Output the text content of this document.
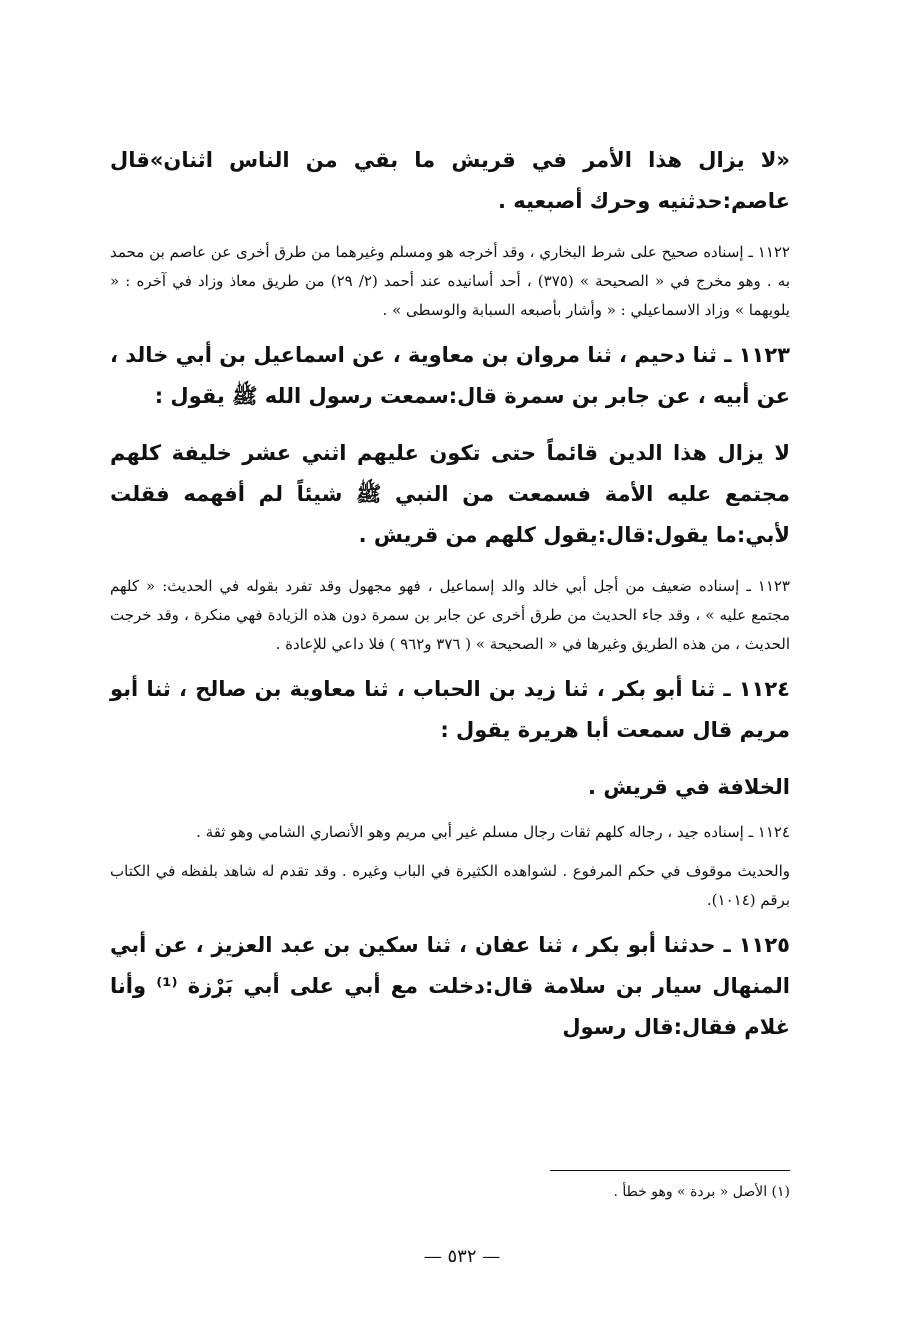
«لا يزال هذا الأمر في قريش ما بقي من الناس اثنان»قال عاصم:حدثنيه وحرك أصبعيه .

١١٢٢ ـ إسناده صحيح على شرط البخاري ، وقد أخرجه هو ومسلم وغيرهما من طرق أخرى عن عاصم بن محمد به . وهو مخرج في « الصحيحة » (٣٧٥) ، أحد أسانيده عند أحمد (٢/ ٢٩) من طريق معاذ وزاد في آخره : « يلويهما » وزاد الاسماعيلي : « وأشار بأصبعه السبابة والوسطى » .

١١٢٣ ـ ثنا دحيم ، ثنا مروان بن معاوية ، عن اسماعيل بن أبي خالد ، عن أبيه ، عن جابر بن سمرة قال:سمعت رسول الله ﷺ يقول :

لا يزال هذا الدين قائماً حتى تكون عليهم اثني عشر خليفة كلهم مجتمع عليه الأمة فسمعت من النبي ﷺ شيئاً لم أفهمه فقلت لأبي:ما يقول:قال:يقول كلهم من قريش .

١١٢٣ ـ إسناده ضعيف من أجل أبي خالد والد إسماعيل ، فهو مجهول وقد تفرد بقوله في الحديث: « كلهم مجتمع عليه » ، وقد جاء الحديث من طرق أخرى عن جابر بن سمرة دون هذه الزيادة فهي منكرة ، وقد خرجت الحديث ، من هذه الطريق وغيرها في « الصحيحة » ( ٣٧٦ و٩٦٢ ) فلا داعي للإعادة .

١١٢٤ ـ ثنا أبو بكر ، ثنا زيد بن الحباب ، ثنا معاوية بن صالح ، ثنا أبو مريم قال سمعت أبا هريرة يقول :

الخلافة في قريش .

١١٢٤ ـ إسناده جيد ، رجاله كلهم ثقات رجال مسلم غير أبي مريم وهو الأنصاري الشامي وهو ثقة .

والحديث موقوف في حكم المرفوع . لشواهده الكثيرة في الباب وغيره . وقد تقدم له شاهد بلفظه في الكتاب برقم (١٠١٤).

١١٢٥ ـ حدثنا أبو بكر ، ثنا عفان ، ثنا سكين بن عبد العزيز ، عن أبي المنهال سيار بن سلامة قال:دخلت مع أبي على أبي بَرْزة ⁽¹⁾ وأنا غلام فقال:قال رسول

(١) الأصل « بردة » وهو خطأ .
— ٥٣٢ —
